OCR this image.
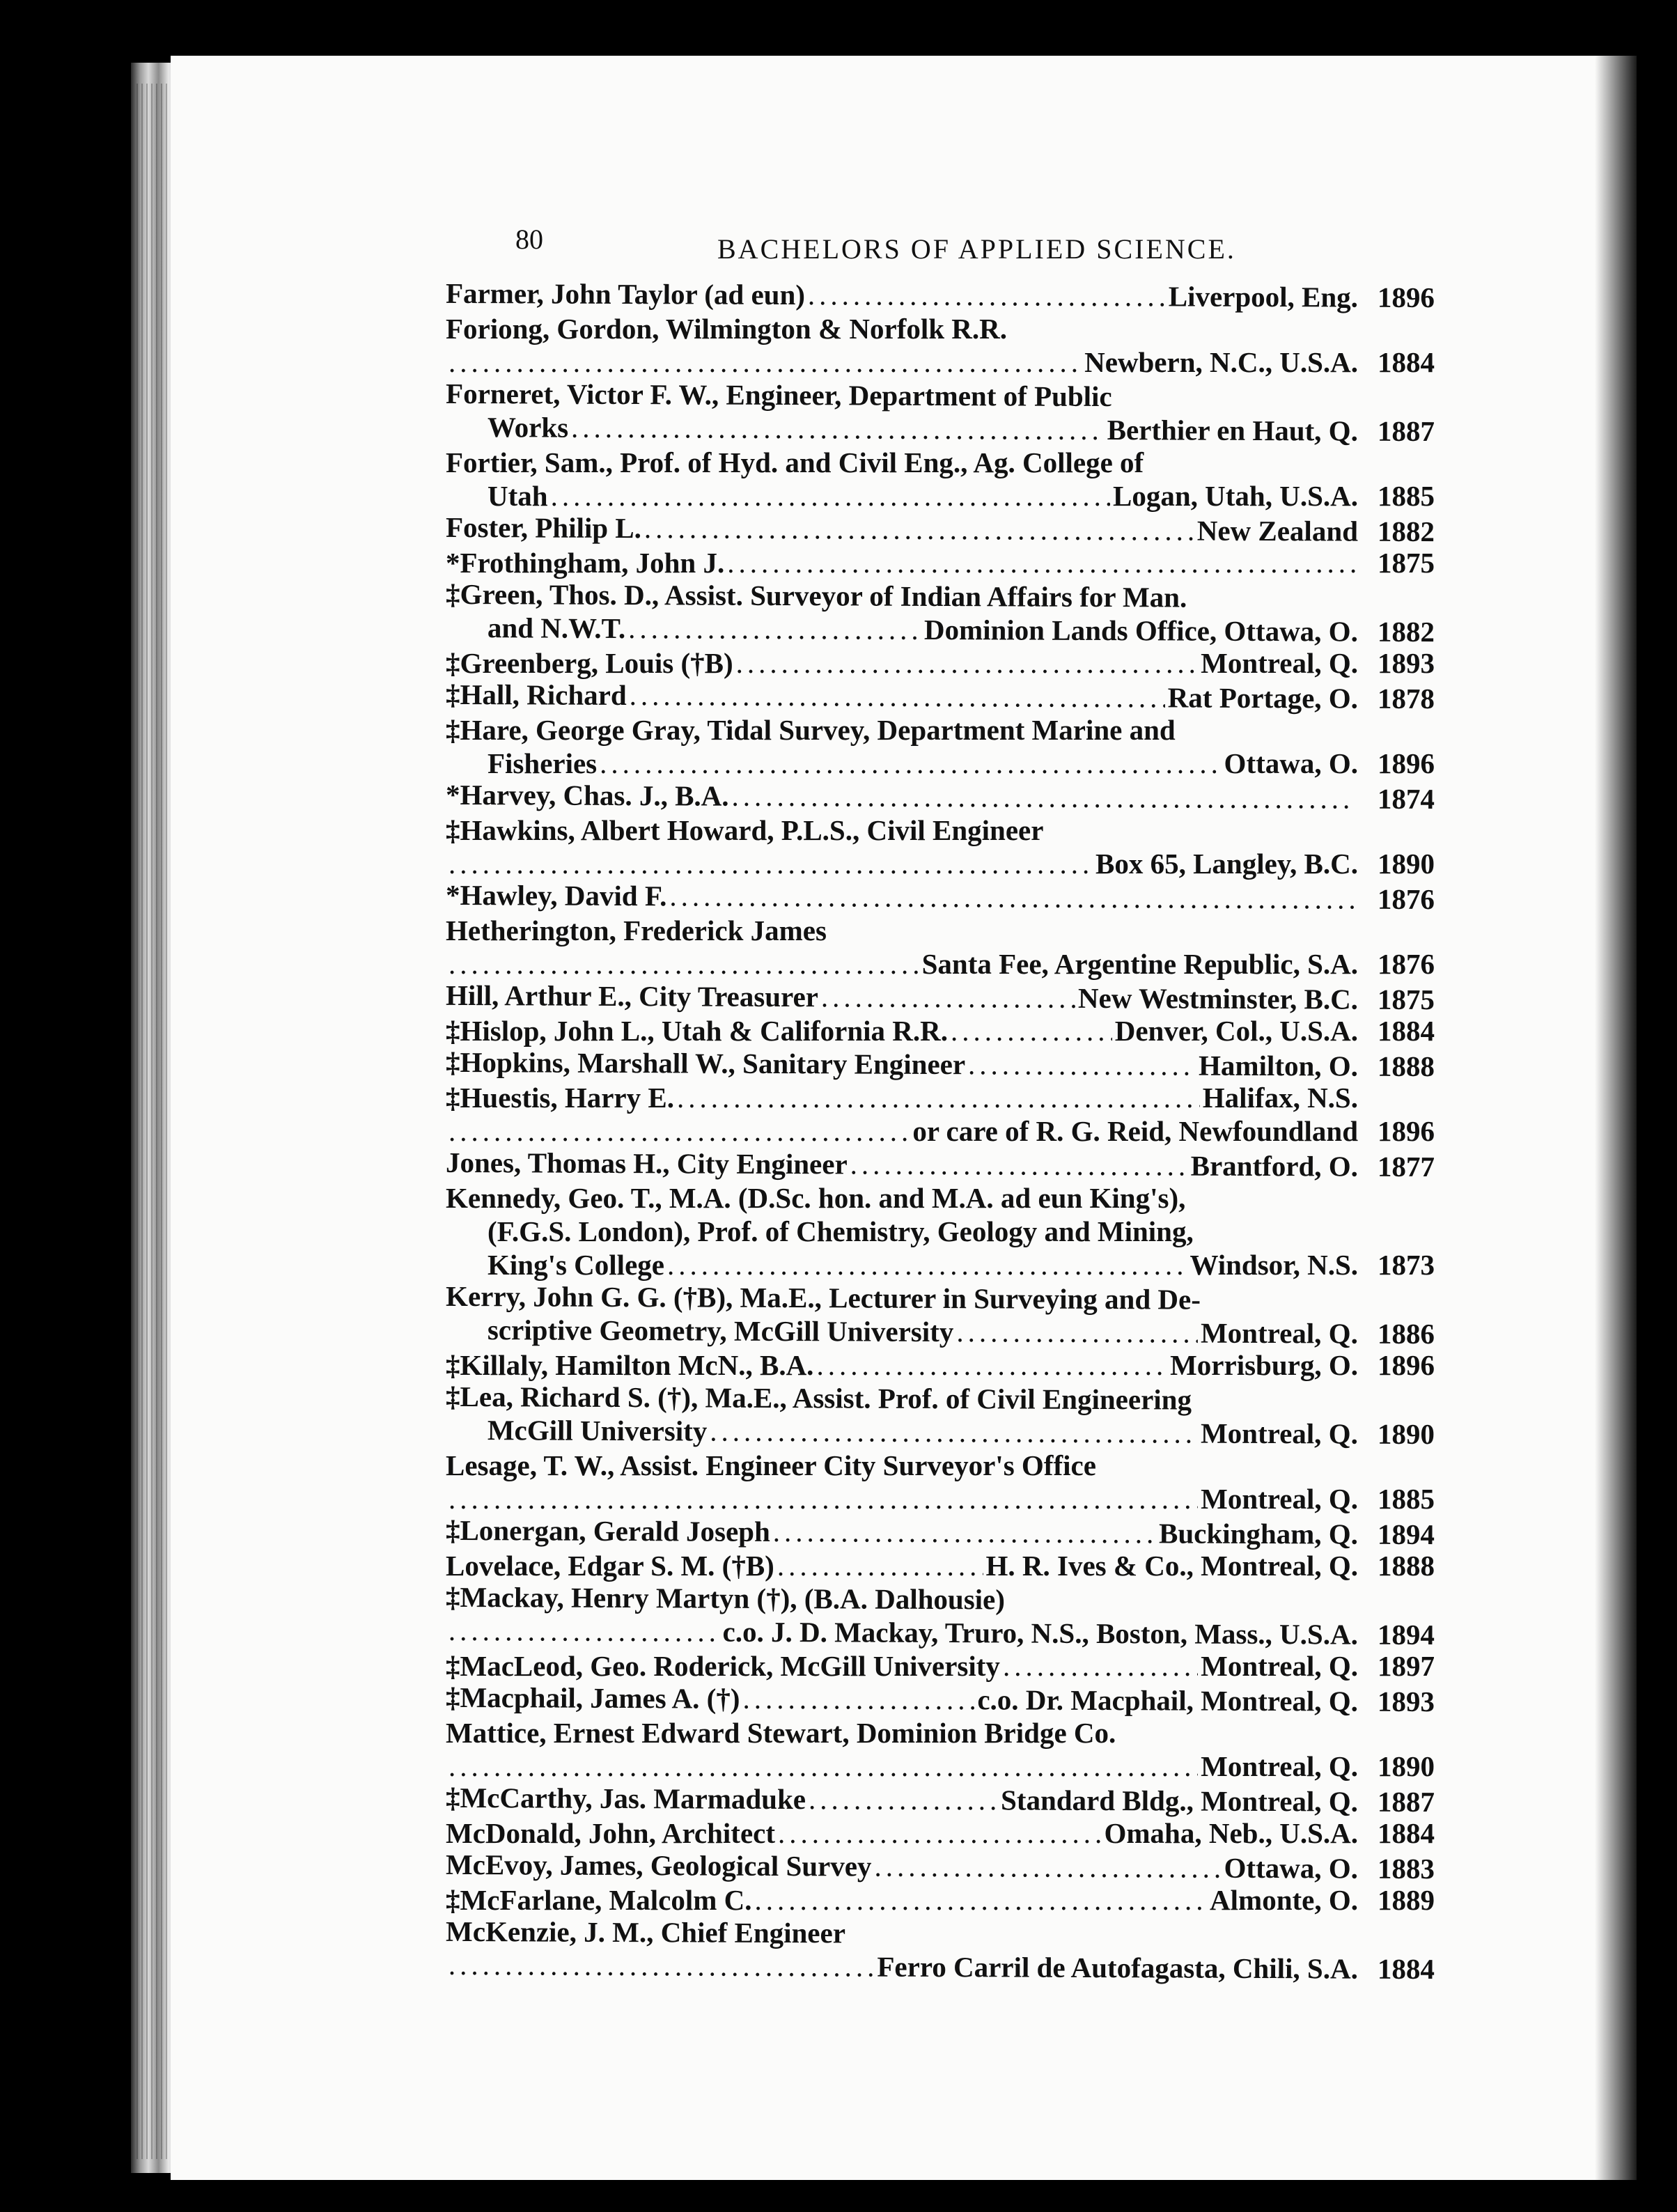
80	BACHELORS OF APPLIED SCIENCE.
Farmer, John Taylor (ad eun) .....	Liverpool, Eng. 1896
Foriong, Gordon, Wilmington & Norfolk R.R.
.....
Newbern, N.C., U.S.A. 1884
Forneret, Victor F. W., Engineer, Department of Public
Works .....	Berthier en Haut, Q. 1887
Fortier, Sam., Prof. of Hyd. and Civil Eng., Ag. College of
Utah .....	Logan, Utah, U.S.A. 1885
Foster, Philip L. .....	New Zealand 1882
*Frothingham, John J. .....	1875
‡Green, Thos. D., Assist. Surveyor of Indian Affairs for Man.
and N.W.T. .....	Dominion Lands Office, Ottawa, O. 1882
‡Greenberg, Louis (†B) .....	Montreal, Q. 1893
‡Hall, Richard .....	Rat Portage, O. 1878
‡Hare, George Gray, Tidal Survey, Department Marine and
Fisheries .....	Ottawa, O. 1896
*Harvey, Chas. J., B.A. .....	1874
‡Hawkins, Albert Howard, P.L.S., Civil Engineer
.....
Box 65, Langley, B.C. 1890
*Hawley, David F. .....	1876
Hetherington, Frederick James
.....
Santa Fee, Argentine Republic, S.A. 1876
Hill, Arthur E., City Treasurer .....	New Westminster, B.C. 1875
‡Hislop, John L., Utah & California R.R. .....	Denver, Col., U.S.A. 1884
‡Hopkins, Marshall W., Sanitary Engineer .....	Hamilton, O. 1888
‡Huestis, Harry E. .....	Halifax, N.S.
.....
or care of R. G. Reid, Newfoundland 1896
Jones, Thomas H., City Engineer .....	Brantford, O. 1877
Kennedy, Geo. T., M.A. (D.Sc. hon. and M.A. ad eun King's),
(F.G.S. London), Prof. of Chemistry, Geology and Mining,
King's College .....	Windsor, N.S. 1873
Kerry, John G. G. (†B), Ma.E., Lecturer in Surveying and De-
scriptive Geometry, McGill University .....	Montreal, Q. 1886
‡Killaly, Hamilton McN., B.A. .....	Morrisburg, O. 1896
‡Lea, Richard S. (†), Ma.E., Assist. Prof. of Civil Engineering
McGill University .....	Montreal, Q. 1890
Lesage, T. W., Assist. Engineer City Surveyor's Office
.....
Montreal, Q. 1885
‡Lonergan, Gerald Joseph .....	Buckingham, Q. 1894
Lovelace, Edgar S. M. (†B) .....	H. R. Ives & Co., Montreal, Q. 1888
‡Mackay, Henry Martyn (†), (B.A. Dalhousie)
.....
c.o. J. D. Mackay, Truro, N.S., Boston, Mass., U.S.A. 1894
‡MacLeod, Geo. Roderick, McGill University .....	Montreal, Q. 1897
‡Macphail, James A. (†) .....	c.o. Dr. Macphail, Montreal, Q. 1893
Mattice, Ernest Edward Stewart, Dominion Bridge Co.
.....
Montreal, Q. 1890
‡McCarthy, Jas. Marmaduke .....	Standard Bldg., Montreal, Q. 1887
McDonald, John, Architect .....	Omaha, Neb., U.S.A. 1884
McEvoy, James, Geological Survey .....	Ottawa, O. 1883
‡McFarlane, Malcolm C. .....	Almonte, O. 1889
McKenzie, J. M., Chief Engineer
.....
Ferro Carril de Autofagasta, Chili, S.A. 1884
